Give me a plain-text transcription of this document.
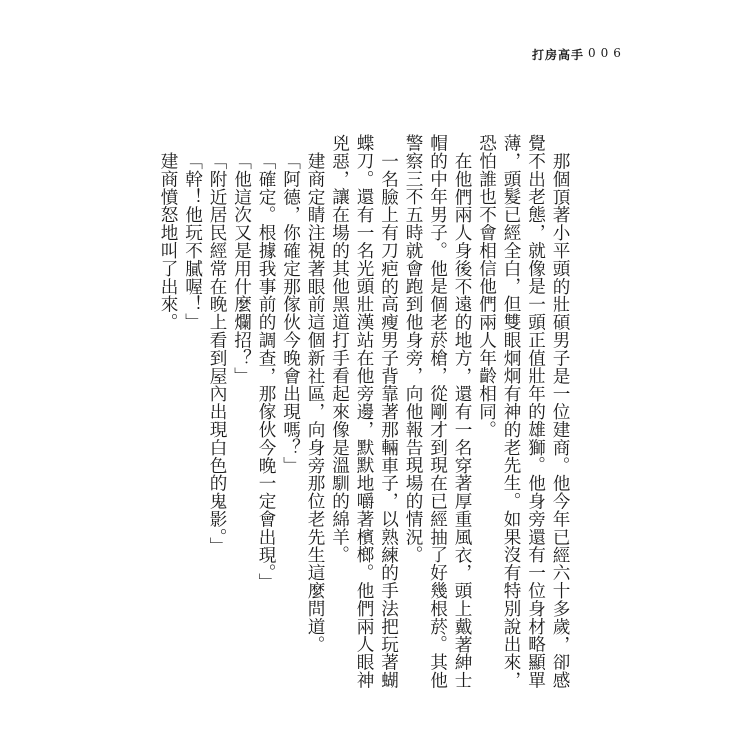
打房高手 006

那個頂著小平頭的壯碩男子是一位建商。他今年已經六十多歲，卻感覺不出老態，就像是一頭正值壯年的雄獅。他身旁還有一位身材略顯單薄，頭髮已經全白，但雙眼炯炯有神的老先生。如果沒有特別說出來，恐怕誰也不會相信他們兩人年齡相同。

在他們兩人身後不遠的地方，還有一名穿著厚重風衣，頭上戴著紳士帽的中年男子。他是個老菸槍，從剛才到現在已經抽了好幾根菸。其他警察三不五時就會跑到他身旁，向他報告現場的情況。

一名臉上有刀疤的高瘦男子背靠著那輛車子，以熟練的手法把玩著蝴蝶刀。還有一名光頭壯漢站在他旁邊，默默地嚼著檳榔。他們兩人眼神兇惡，讓在場的其他黑道打手看起來像是溫馴的綿羊。

建商定睛注視著眼前這個新社區，向身旁那位老先生這麼問道。

「阿德，你確定那傢伙今晚會出現嗎？」

「確定。根據我事前的調查，那傢伙今晚一定會出現。」

「他這次又是用什麼爛招？」

「附近居民經常在晚上看到屋內出現白色的鬼影。」

「幹！他玩不膩喔！」

建商憤怒地叫了出來。
